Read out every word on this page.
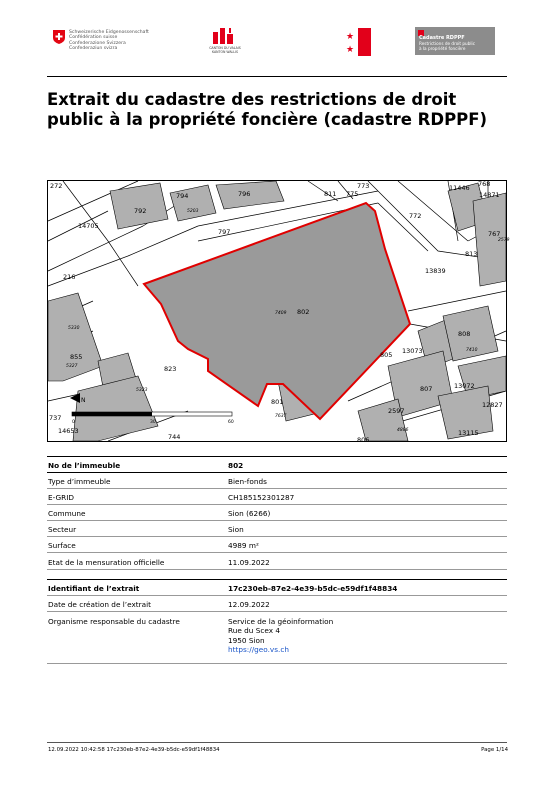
Schweizerische Eidgenossenschaft
Confédération suisse
Confederazione Svizzera
Confederaziun svizra	CANTON DU VALAIS KANTON WALLIS
★
★
Cadastre RDPPF
Restrictions de droit public
à la propriété foncière
Extrait du cadastre des restrictions de droit
public à la propriété foncière (cadastre RDPPF)
272
792
794
5203
796	811 775
773	11446 768
14871
14705
797
772
767
813
216
13839
802
7409
808
855
13073
805
823
801
807	13072
12827
2597
737
14653
744	806
13115
5330
5327
5323
7410
7637
4886
2579
0	30	60
N
No de l’immeuble	802
Type d’immeuble	Bien-fonds
E-GRID	CH185152301287
Commune	Sion (6266)
Secteur	Sion
Surface	4989 m²
Etat de la mensuration officielle	11.09.2022
Identifiant de l’extrait	17c230eb-87e2-4e39-b5dc-e59df1f48834
Date de création de l’extrait	12.09.2022
Organisme responsable du cadastre	Service de la géoinformation
Rue du Scex 4
1950 Sion
https://geo.vs.ch
12.09.2022 10:42:58 17c230eb-87e2-4e39-b5dc-e59df1f48834	Page 1/14
